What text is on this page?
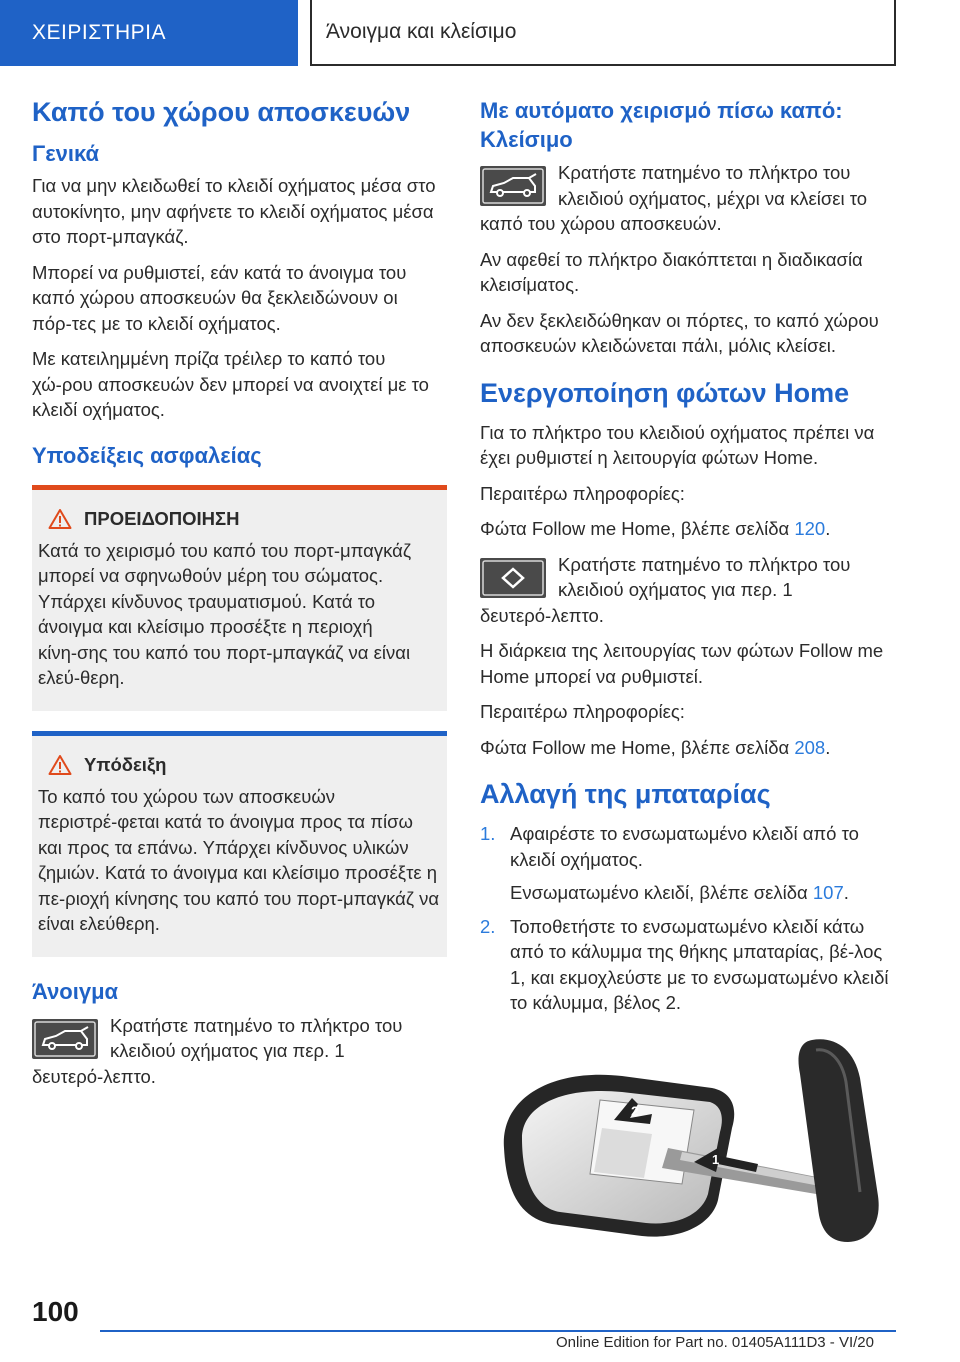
ΧΕΙΡΙΣΤΗΡΙΑ	Άνοιγμα και κλείσιμο
Καπό του χώρου αποσκευών
Γενικά

Για να μην κλειδωθεί το κλειδί οχήματος μέσα στο αυτοκίνητο, μην αφήνετε το κλειδί οχήματος μέσα στο πορτ-μπαγκάζ.

Μπορεί να ρυθμιστεί, εάν κατά το άνοιγμα του καπό χώρου αποσκευών θα ξεκλειδώνουν οι πόρ‑τες με το κλειδί οχήματος.

Με κατειλημμένη πρίζα τρέιλερ το καπό του χώ‑ρου αποσκευών δεν μπορεί να ανοιχτεί με το κλειδί οχήματος.

Υποδείξεις ασφαλείας
ΠΡΟΕΙΔΟΠΟΙΗΣΗ

Κατά το χειρισμό του καπό του πορτ-μπαγκάζ μπορεί να σφηνωθούν μέρη του σώματος. Υπάρχει κίνδυνος τραυματισμού. Κατά το άνοιγμα και κλείσιμο προσέξτε η περιοχή κίνη‑σης του καπό του πορτ-μπαγκάζ να είναι ελεύ‑θερη.

Υπόδειξη

Το καπό του χώρου των αποσκευών περιστρέ‑φεται κατά το άνοιγμα προς τα πίσω και προς τα επάνω. Υπάρχει κίνδυνος υλικών ζημιών. Κατά το άνοιγμα και κλείσιμο προσέξτε η πε‑ριοχή κίνησης του καπό του πορτ-μπαγκάζ να είναι ελεύθερη.

Άνοιγμα

Κρατήστε πατημένο το πλήκτρο του κλειδιού οχήματος για περ. 1 δευτερό‑λεπτο.

Με αυτόματο χειρισμό πίσω καπό: Κλείσιμο

Κρατήστε πατημένο το πλήκτρο του κλειδιού οχήματος, μέχρι να κλείσει το καπό του χώρου αποσκευών.

Αν αφεθεί το πλήκτρο διακόπτεται η διαδικασία κλεισίματος.

Αν δεν ξεκλειδώθηκαν οι πόρτες, το καπό χώρου αποσκευών κλειδώνεται πάλι, μόλις κλείσει.

Ενεργοποίηση φώτων Home

Για το πλήκτρο του κλειδιού οχήματος πρέπει να έχει ρυθμιστεί η λειτουργία φώτων Home.

Περαιτέρω πληροφορίες:

Φώτα Follow me Home, βλέπε σελίδα 120.

Κρατήστε πατημένο το πλήκτρο του κλειδιού οχήματος για περ. 1 δευτερό‑λεπτο.

Η διάρκεια της λειτουργίας των φώτων Follow me Home μπορεί να ρυθμιστεί.

Περαιτέρω πληροφορίες:

Φώτα Follow me Home, βλέπε σελίδα 208.

Αλλαγή της μπαταρίας
1. Αφαιρέστε το ενσωματωμένο κλειδί από το κλειδί οχήματος.

Ενσωματωμένο κλειδί, βλέπε σελίδα 107.

2. Τοποθετήστε το ενσωματωμένο κλειδί κάτω από το κάλυμμα της θήκης μπαταρίας, βέ‑λος 1, και εκμοχλεύστε με το ενσωματωμένο κλειδί το κάλυμμα, βέλος 2.

2
1
100
Online Edition for Part no. 01405A111D3 - VI/20
